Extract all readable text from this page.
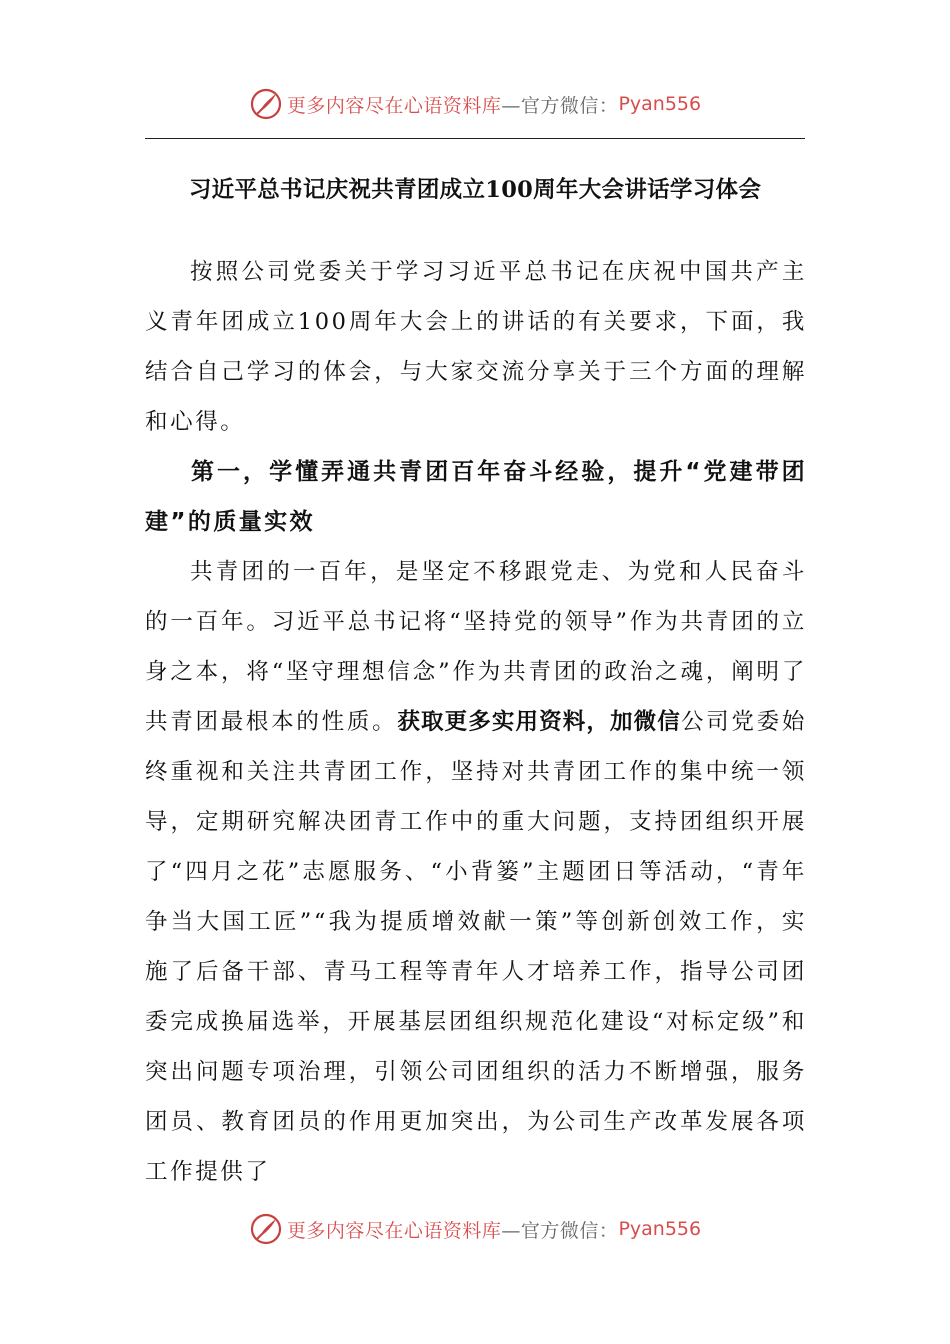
更多内容尽在心语资料库 —官方微信： Pyan556
习近平总书记庆祝共青团成立100周年大会讲话学习体会

按照公司党委关于学习习近平总书记在庆祝中国共产主义青年团成立100周年大会上的讲话的有关要求，下面，我结合自己学习的体会，与大家交流分享关于三个方面的理解和心得。

第一，学懂弄通共青团百年奋斗经验，提升“党建带团建”的质量实效

共青团的一百年，是坚定不移跟党走、为党和人民奋斗的一百年。习近平总书记将“坚持党的领导”作为共青团的立身之本，将“坚守理想信念”作为共青团的政治之魂，阐明了共青团最根本的性质。获取更多实用资料，加微信公司党委始终重视和关注共青团工作，坚持对共青团工作的集中统一领导，定期研究解决团青工作中的重大问题，支持团组织开展了“四月之花”志愿服务、“小背篓”主题团日等活动，“青年争当大国工匠”“我为提质增效献一策”等创新创效工作，实施了后备干部、青马工程等青年人才培养工作，指导公司团委完成换届选举，开展基层团组织规范化建设“对标定级”和突出问题专项治理，引领公司团组织的活力不断增强，服务团员、教育团员的作用更加突出，为公司生产改革发展各项工作提供了

更多内容尽在心语资料库 —官方微信： Pyan556
